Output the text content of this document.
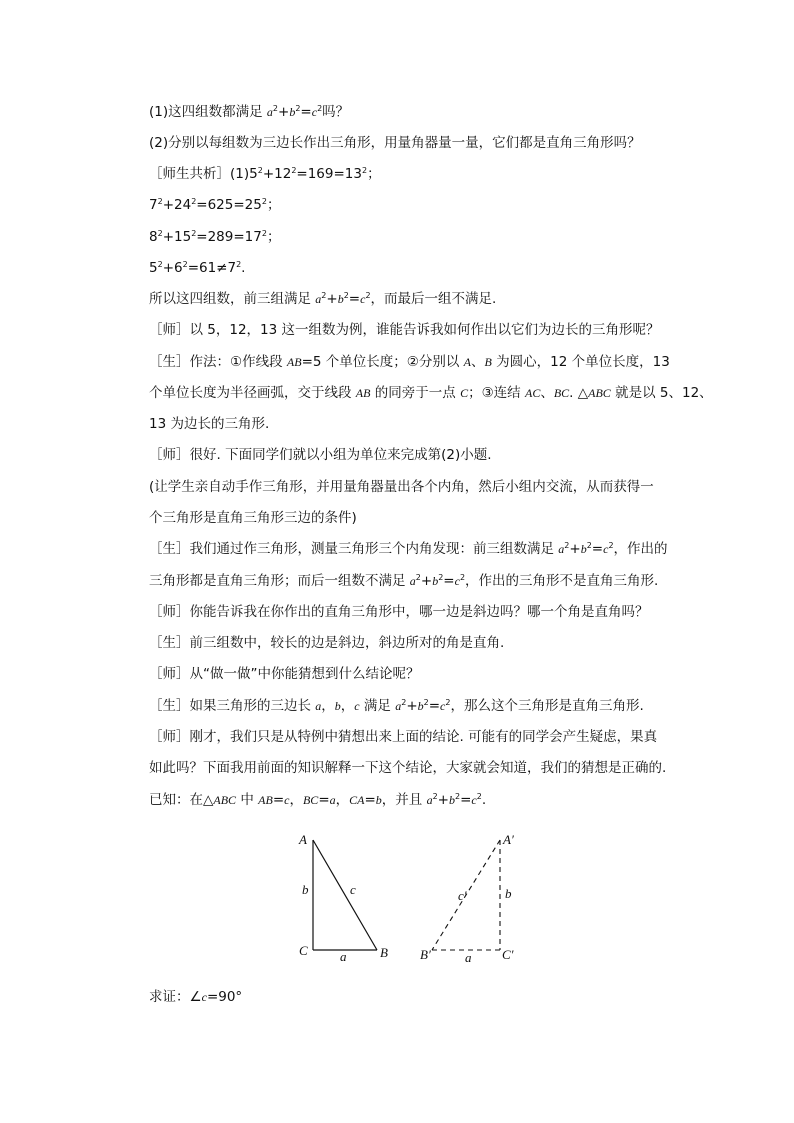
(1)这四组数都满足 $a^2+b^2=c^2$吗？
(2)分别以每组数为三边长作出三角形，用量角器量一量，它们都是直角三角形吗？
［师生共析$](1)5^2+12^2=169=13^2$；
$7^2+24^2=625=25^2$；
$8^2+15^2=289=17^2$；
$5^2+6^2=61\ne 7^2$.
所以这四组数，前三组满足 $a^2+b^2=c^2$，而最后一组不满足.
［师］以 5，12，13 这一组数为例，谁能告诉我如何作出以它们为边长的三角形呢？
［生］作法：①作线段 AB=5 个单位长度；②分别以 A、B 为圆心，12 个单位长度，13
个单位长度为半径画弧，交于线段 AB 的同旁于一点 C；③连结 AC、BC. △ABC 就是以 5、12、
13 为边长的三角形.
［师］很好. 下面同学们就以小组为单位来完成第(2)小题.
(让学生亲自动手作三角形，并用量角器量出各个内角，然后小组内交流，从而获得一
个三角形是直角三角形三边的条件)
［生］我们通过作三角形，测量三角形三个内角发现：前三组数满足 $a^2+b^2=c^2$，作出的
三角形都是直角三角形；而后一组数不满足 $a^2+b^2=c^2$，作出的三角形不是直角三角形.
［师］你能告诉我在你作出的直角三角形中，哪一边是斜边吗？哪一个角是直角吗？
［生］前三组数中，较长的边是斜边，斜边所对的角是直角.
［师］从“做一做”中你能猜想到什么结论呢？
［生］如果三角形的三边长 a，b，c 满足 $a^2+b^2=c^2$，那么这个三角形是直角三角形.
［师］刚才，我们只是从特例中猜想出来上面的结论. 可能有的同学会产生疑虑，果真
如此吗？下面我用前面的知识解释一下这个结论，大家就会知道，我们的猜想是正确的.
已知：在△ABC 中 AB=c，BC=a，CA=b，并且 $a^2+b^2=c^2$.
A
C	B
b
a
c
A′
B′	C′
b
a
c′
求证：∠c=90°
